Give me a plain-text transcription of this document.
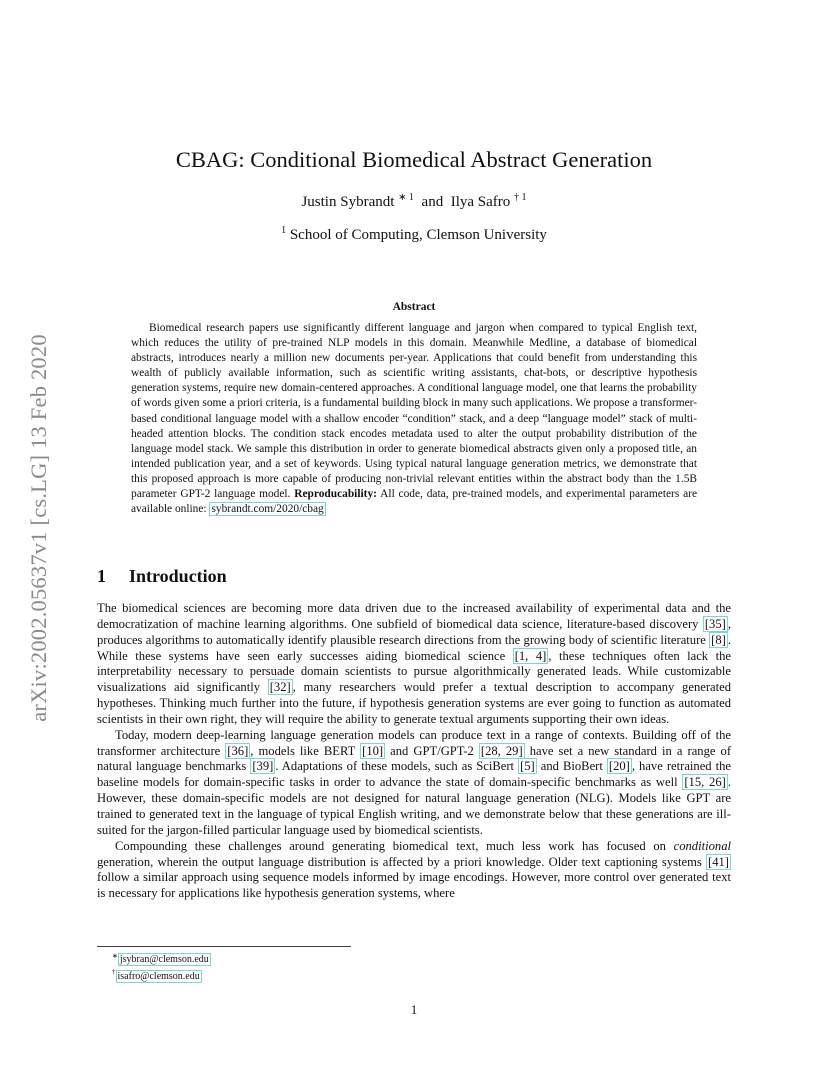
arXiv:2002.05637v1 [cs.LG] 13 Feb 2020
CBAG: Conditional Biomedical Abstract Generation
Justin Sybrandt $^{∗ 1}$ and Ilya Safro $^{\dagger 1}$
$^1$ School of Computing, Clemson University
Abstract
Biomedical research papers use significantly different language and jargon when compared to typical English text, which reduces the utility of pre-trained NLP models in this domain. Meanwhile Medline, a database of biomedical abstracts, introduces nearly a million new documents per-year. Applications that could benefit from understanding this wealth of publicly available information, such as scientific writing assistants, chat-bots, or descriptive hypothesis generation systems, require new domain-centered approaches. A conditional language model, one that learns the probability of words given some a priori criteria, is a fundamental building block in many such applications. We propose a transformer-based conditional language model with a shallow encoder “condition” stack, and a deep “language model” stack of multi-headed attention blocks. The condition stack encodes metadata used to alter the output probability distribution of the language model stack. We sample this distribution in order to generate biomedical abstracts given only a proposed title, an intended publication year, and a set of keywords. Using typical natural language generation metrics, we demonstrate that this proposed approach is more capable of producing non-trivial relevant entities within the abstract body than the 1.5B parameter GPT-2 language model. Reproducability: All code, data, pre-trained models, and experimental parameters are available online: sybrandt.com/2020/cbag
1 Introduction

The biomedical sciences are becoming more data driven due to the increased availability of experimental data and the democratization of machine learning algorithms. One subfield of biomedical data science, literature-based discovery [35] , produces algorithms to automatically identify plausible research directions from the growing body of scientific literature [8] . While these systems have seen early successes aiding biomedical science [1, 4] , these techniques often lack the interpretability necessary to persuade domain scientists to pursue algorithmically generated leads. While customizable visualizations aid significantly [32] , many researchers would prefer a textual description to accompany generated hypotheses. Thinking much further into the future, if hypothesis generation systems are ever going to function as automated scientists in their own right, they will require the ability to generate textual arguments supporting their own ideas.

Today, modern deep-learning language generation models can produce text in a range of contexts. Building off of the transformer architecture [36] , models like BERT [10] and GPT/GPT-2 [28, 29] have set a new standard in a range of natural language benchmarks [39] . Adaptations of these models, such as SciBert [5] and BioBert [20] , have retrained the baseline models for domain-specific tasks in order to advance the state of domain-specific benchmarks as well [15, 26] . However, these domain-specific models are not designed for natural language generation (NLG). Models like GPT are trained to generated text in the language of typical English writing, and we demonstrate below that these generations are ill-suited for the jargon-filled particular language used by biomedical scientists.

Compounding these challenges around generating biomedical text, much less work has focused on conditional generation, wherein the output language distribution is affected by a priori knowledge. Older text captioning systems [41] follow a similar approach using sequence models informed by image encodings. However, more control over generated text is necessary for applications like hypothesis generation systems, where

∗ jsybran@clemson.edu
† isafro@clemson.edu
1
